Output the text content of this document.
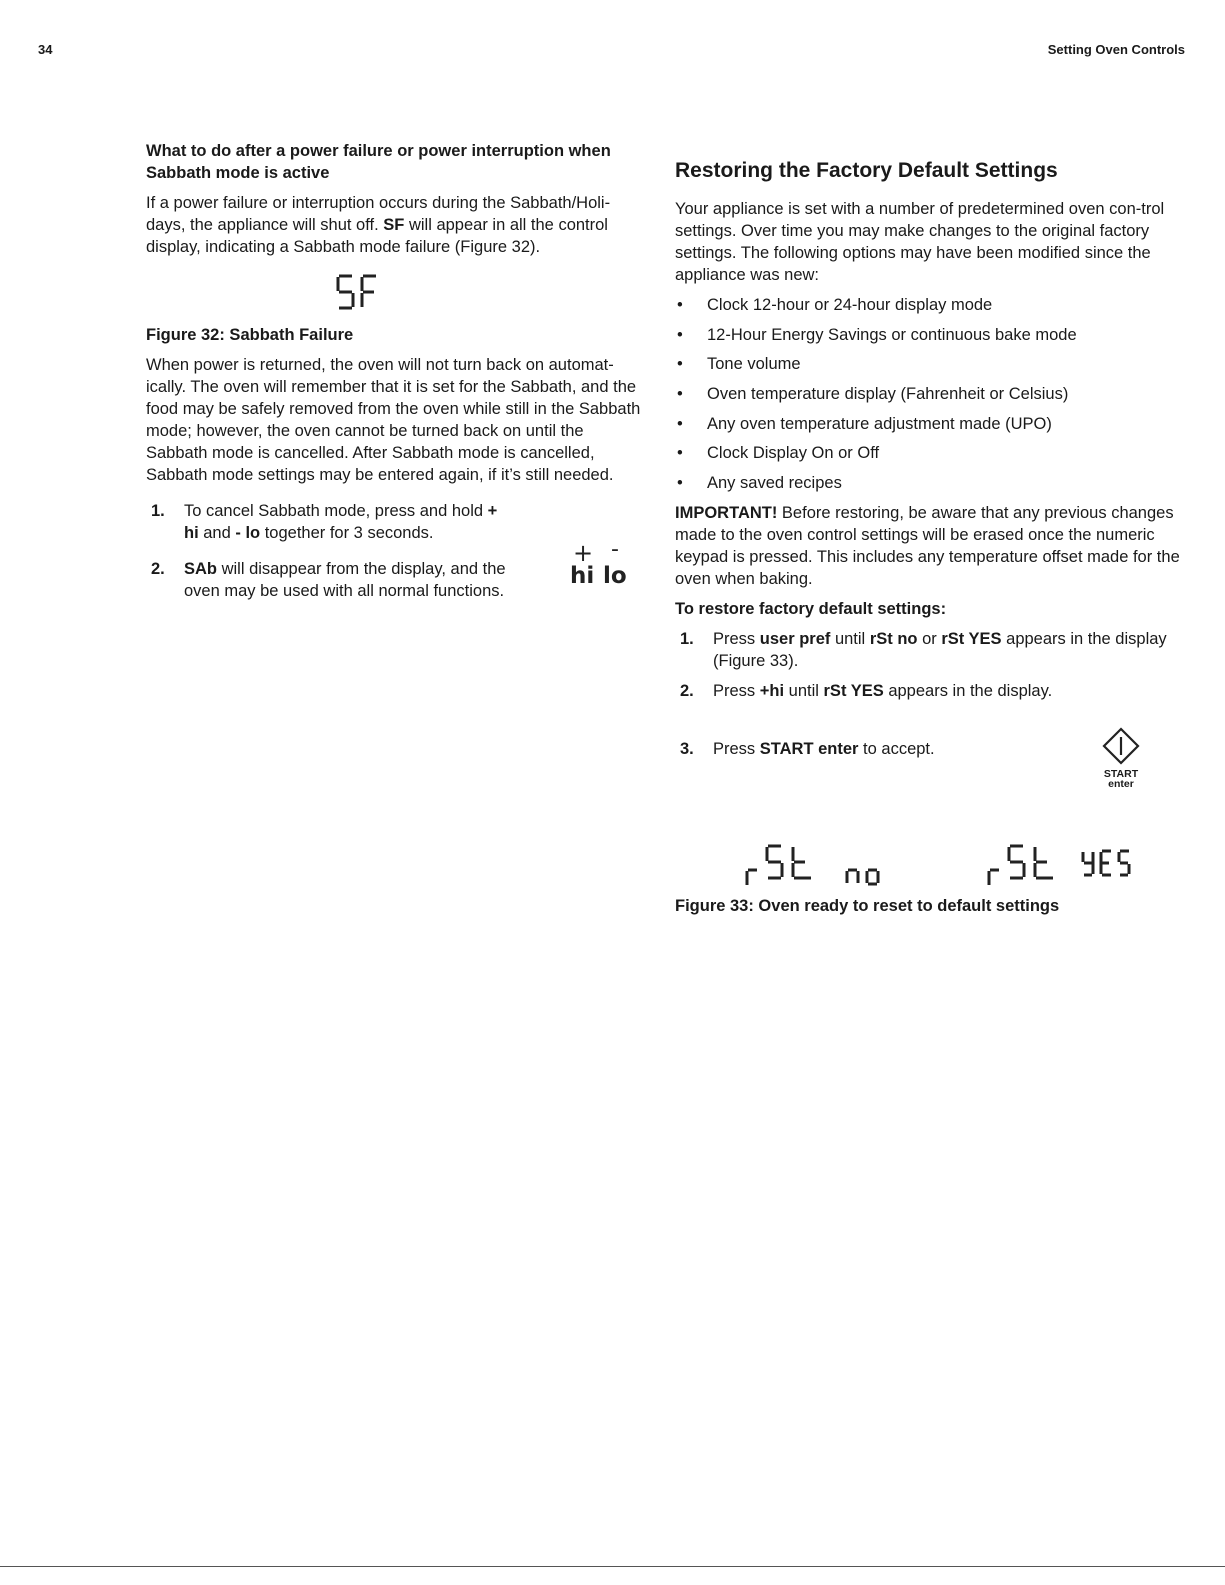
34	Setting Oven Controls
What to do after a power failure or power interruption when Sabbath mode is active

If a power failure or interruption occurs during the Sabbath/Holi-days, the appliance will shut off. SF will appear in all the control display, indicating a Sabbath mode failure (Figure 32).

Figure 32: Sabbath Failure

When power is returned, the oven will not turn back on automat-ically. The oven will remember that it is set for the Sabbath, and the food may be safely removed from the oven while still in the Sabbath mode; however, the oven cannot be turned back on until the Sabbath mode is cancelled. After Sabbath mode is cancelled, Sabbath mode settings may be entered again, if it’s still needed.

1. To cancel Sabbath mode, press and hold + hi and - lo together for 3 seconds.
2. SAb will disappear from the display, and the oven may be used with all normal functions.
+ -
hi lo
Restoring the Factory Default Settings

Your appliance is set with a number of predetermined oven con-trol settings. Over time you may make changes to the original factory settings. The following options may have been modified since the appliance was new:

• Clock 12-hour or 24-hour display mode
• 12-Hour Energy Savings or continuous bake mode
• Tone volume
• Oven temperature display (Fahrenheit or Celsius)
• Any oven temperature adjustment made (UPO)
• Clock Display On or Off
• Any saved recipes

IMPORTANT! Before restoring, be aware that any previous changes made to the oven control settings will be erased once the numeric keypad is pressed. This includes any temperature offset made for the oven when baking.

To restore factory default settings:
1. Press user pref until rSt no or rSt YES appears in the display (Figure 33).
2. Press +hi until rSt YES appears in the display.
3. Press START enter to accept.
START
enter
Figure 33: Oven ready to reset to default settings
